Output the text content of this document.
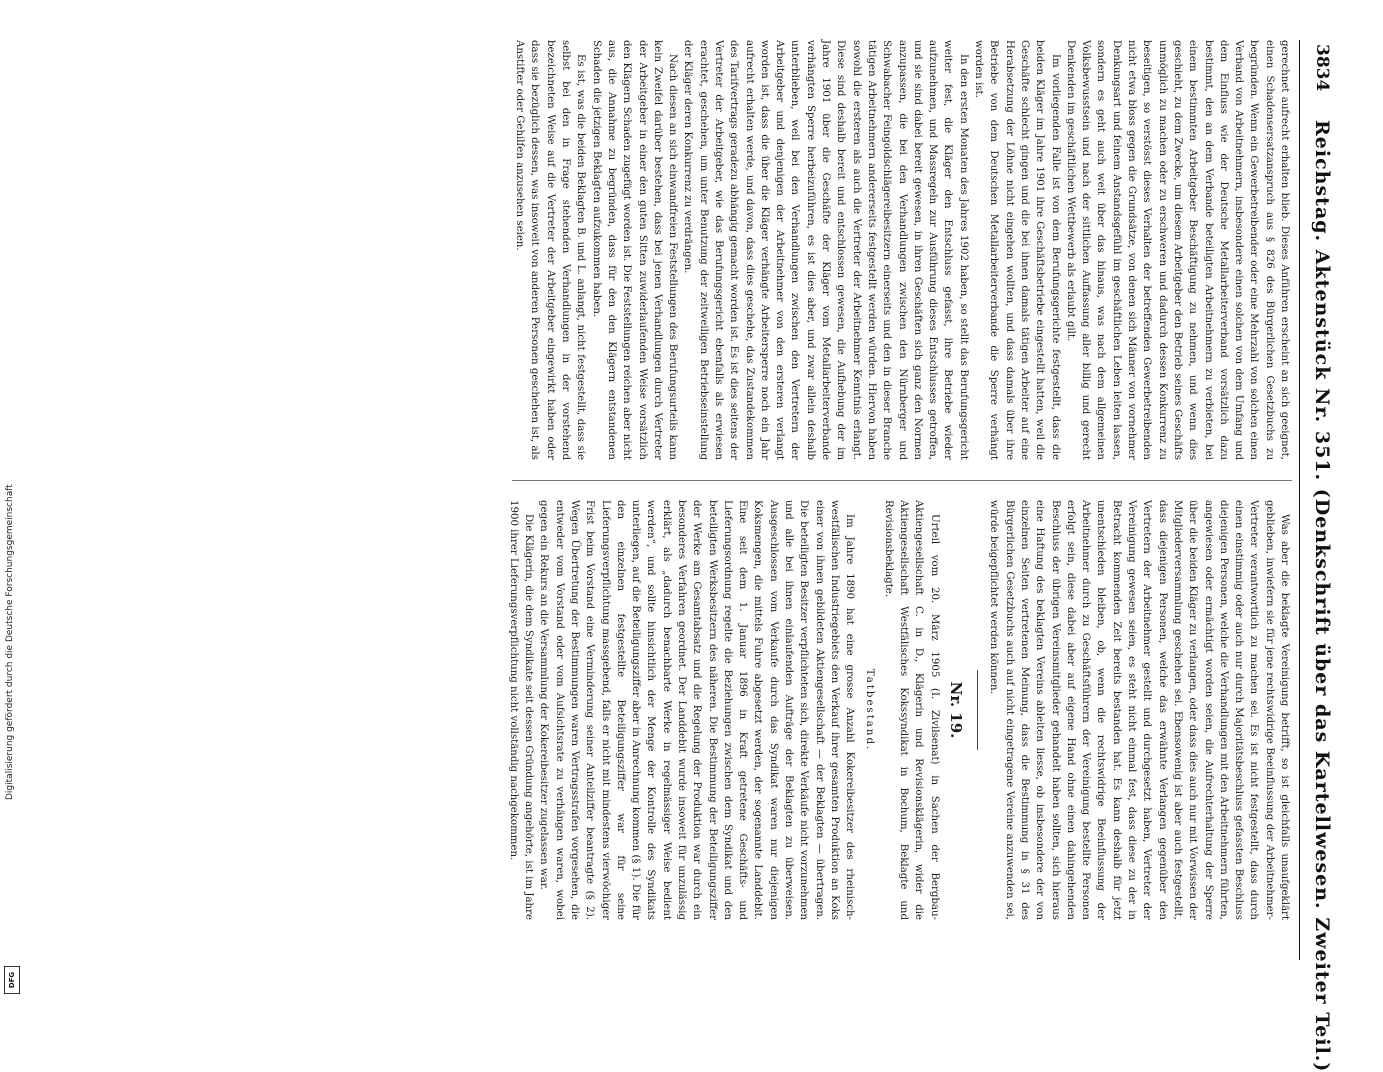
Digitalisierung gefördert durch die Deutsche Forschungsgemeinschaft
DFG
3834
Reichstag. Aktenstück Nr. 351. (Denkschrift über das Kartellwesen. Zweiter Teil.)

gerechnet aufrecht erhalten blieb. Dieses Anführen erscheint an sich geeignet, einen Schadensersatzanspruch aus § 826 des Bürgerlichen Gesetzbuchs zu begründen. Wenn ein Gewerbetreibender oder eine Mehrzahl von solchen einen Verband von Arbeitnehmern, insbesondere einen solchen von dem Umfang und dem Einfluss wie der Deutsche Metallarbeiterverband vorsätzlich dazu bestimmt, den an dem Verbande beteiligten Arbeitnehmern zu verbieten, bei einem bestimmten Arbeitgeber Beschäftigung zu nehmen, und wenn dies geschieht, zu dem Zwecke, um diesem Arbeitgeber den Betrieb seines Geschäfts unmöglich zu machen oder zu erschweren und dadurch dessen Konkurrenz zu beseitigen, so verstösst dieses Verhalten der betreffenden Gewerbetreibenden nicht etwa bloss gegen die Grundsätze, von denen sich Männer von vornehmer Denkungsart und feinem Anstandsgefühl im geschäftlichen Leben leiten lassen, sondern es geht auch weit über das hinaus, was nach dem allgemeinen Volksbewusstsein und nach der sittlichen Auffassung aller billig und gerecht Denkenden im geschäftlichen Wettbewerb als erlaubt gilt.

Im vorliegenden Falle ist von dem Berufungsgerichte festgestellt, dass die beiden Kläger im Jahre 1901 ihre Geschäftsbetriebe eingestellt hatten, weil die Geschäfte schlecht gingen und die bei ihnen damals tätigen Arbeiter auf eine Herabsetzung der Löhne nicht eingehen wollten, und dass damals über ihre Betriebe von dem Deutschen Metallarbeiterverbande die Sperre verhängt worden ist.

In den ersten Monaten des Jahres 1902 haben, so stellt das Berufungsgericht weiter fest, die Kläger den Entschluss gefasst, ihre Betriebe wieder aufzunehmen, und Massregeln zur Ausführung dieses Entschlusses getroffen, und sie sind dabei bereit gewesen, in ihren Geschäften sich ganz den Normen anzupassen, die bei den Verhandlungen zwischen den Nürnberger und Schwabacher Feingoldschlägereibesitzern einerseits und den in dieser Branche tätigen Arbeitnehmern andererseits festgestellt werden würden. Hiervon haben sowohl die ersteren als auch die Vertreter der Arbeitnehmer Kenntnis erlangt. Diese sind deshalb bereit und entschlossen gewesen, die Aufhebung der im Jahre 1901 über die Geschäfte der Kläger vom Metallarbeiterverbande verhängten Sperre herbeizuführen, es ist dies aber, und zwar allein deshalb unterblieben, weil bei den Verhandlungen zwischen den Vertretern der Arbeitgeber und denjenigen der Arbeitnehmer von den ersteren verlangt worden ist, dass die über die Kläger verhängte Arbeitersperre noch ein Jahr aufrecht erhalten werde, und davon, dass dies geschehe, das Zustandekommen des Tarifvertrags geradezu abhängig gemacht worden ist. Es ist dies seitens der Vertreter der Arbeitgeber, wie das Berufungsgericht ebenfalls als erwiesen erachtet, geschehen, um unter Benutzung der zeitweiligen Betriebseinstellung der Kläger deren Konkurrenz zu verdrängen.

Nach diesen an sich einwandfreien Feststellungen des Berufungsurteils kann kein Zweifel darüber bestehen, dass bei jenen Verhandlungen durch Vertreter der Arbeitgeber in einer den guten Sitten zuwiderlaufenden Weise vorsätzlich den Klägern Schaden zugefügt worden ist. Die Feststellungen reichen aber nicht aus, die Annahme zu begründen, dass für den den Klägern entstandenen Schaden die jetzigen Beklagten aufzukommen haben.

Es ist, was die beiden Beklagten B. und L. anlangt, nicht festgestellt, dass sie selbst bei den in Frage stehenden Verhandlungen in der vorstehend bezeichneten Weise auf die Vertreter der Arbeitgeber eingewirkt haben oder dass sie bezüglich dessen, was insoweit von anderen Personen geschehen ist, als Anstifter oder Gehilfen anzusehen seien.

Was aber die beklagte Vereinigung betrifft, so ist gleichfalls unaufgeklärt geblieben, inwiefern sie für jene rechtswidrige Beeinflussung der Arbeitnehmer-Vertreter verantwortlich zu machen sei. Es ist nicht festgestellt, dass durch einen einstimmig oder auch nur durch Majoritätsbeschluss gefassten Beschluss diejenigen Personen, welche die Verhandlungen mit den Arbeitnehmern führten, angewiesen oder ermächtigt worden seien, die Aufrechterhaltung der Sperre über die beiden Kläger zu verlangen, oder dass dies auch nur mit Vorwissen der Mitgliederversammlung geschehen sei. Ebensowenig ist aber auch festgestellt, dass diejenigen Personen, welche das erwähnte Verlangen gegenüber den Vertretern der Arbeitnehmer gestellt und durchgesetzt haben, Vertreter der Vereinigung gewesen seien, es steht nicht einmal fest, dass diese zu der in Betracht kommenden Zeit bereits bestanden hat. Es kann deshalb für jetzt unentschieden bleiben, ob, wenn die rechtswidrige Beeinflussung der Arbeitnehmer durch zu Geschäftsführern der Vereinigung bestellte Personen erfolgt sein, diese dabei aber auf eigene Hand ohne einen dahingehenden Beschluss der übrigen Vereinsmitglieder gehandelt haben sollten, sich hieraus eine Haftung des beklagten Vereins ableiten liesse, ob insbesondere der von einzelnen Seiten vertretenen Meinung, dass die Bestimmung in § 31 des Bürgerlichen Gesetzbuchs auch auf nicht eingetragene Vereine anzuwenden sei, würde beigepflichtet werden können.

Nr. 19.

Urteil vom 20. März 1905 (I. Zivilsenat) in Sachen der Bergbau-Aktiengesellschaft C. in D., Klägerin und Revisionsklägerin, wider die Aktiengesellschaft Westfälisches Kokssyndikat in Bochum, Beklagte und Revisionsbeklagte.

Tatbestand.

Im Jahre 1890 hat eine grosse Anzahl Kokereibesitzer des rheinisch-westfälischen Industriegebiets den Verkauf ihrer gesamten Produktion an Koks einer von ihnen gebildeten Aktiengesellschaft — der Beklagten — übertragen. Die beteiligten Besitzer verpflichteten sich, direkte Verkäufe nicht vorzunehmen und alle bei ihnen einlaufenden Aufträge der Beklagten zu überweisen. Ausgeschlossen vom Verkaufe durch das Syndikat waren nur diejenigen Koksmengen, die mittels Fuhre abgesetzt werden, der sogenannte Landdebit. Eine seit dem 1. Januar 1896 in Kraft getretene Geschäfts- und Lieferungsordnung regelte die Beziehungen zwischen dem Syndikat und den beteiligten Werksbesitzern des näheren. Die Bestimmung der Beteiligungsziffer der Werke am Gesamtabsatz und die Regelung der Produktion war durch ein besonderes Verfahren geordnet. Der Landdebit wurde insoweit für unzulässig erklärt, als „dadurch benachbarte Werke in regelmässiger Weise bedient werden“, und sollte hinsichtlich der Menge der Kontrolle des Syndikats unterliegen, auf die Beteiligungsziffer aber in Anrechnung kommen (§ 1). Die für den einzelnen festgestellte Beteiligungsziffer war für seine Lieferungsverpflichtung massgebend, falls er nicht mit mindestens vierwöchiger Frist beim Vorstand eine Verminderung seiner Anteilziffer beantragte (§ 2). Wegen Übertretung der Bestimmungen waren Vertragsstrafen vorgesehen, die entweder vom Vorstand oder vom Aufsichtsrate zu verhängen waren, wobei gegen ein Rekurs an die Versammlung der Kokereibesitzer zugelassen war.

Die Klägerin, die dem Syndikate seit dessen Gründung angehörte, ist im Jahre 1900 ihrer Lieferungsverpflichtung nicht vollständig nachgekommen.
